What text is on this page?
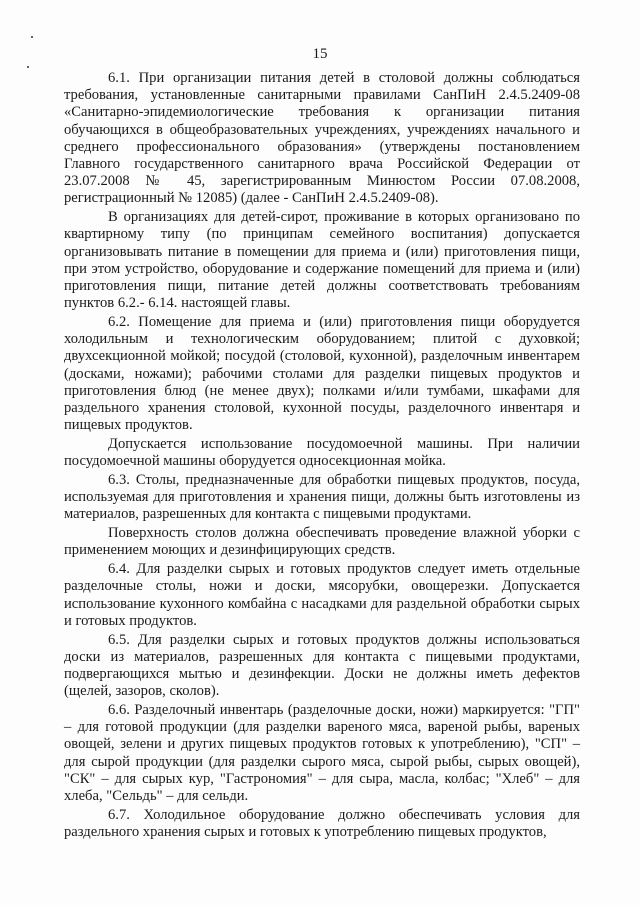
15

6.1. При организации питания детей в столовой должны соблюдаться требования, установленные санитарными правилами СанПиН 2.4.5.2409-08 «Санитарно-эпидемиологические требования к организации питания обучающихся в общеобразовательных учреждениях, учреждениях начального и среднего профессионального образования» (утверждены постановлением Главного государственного санитарного врача Российской Федерации от 23.07.2008 № 45, зарегистрированным Минюстом России 07.08.2008, регистрационный № 12085) (далее - СанПиН 2.4.5.2409-08).

В организациях для детей-сирот, проживание в которых организовано по квартирному типу (по принципам семейного воспитания) допускается организовывать питание в помещении для приема и (или) приготовления пищи, при этом устройство, оборудование и содержание помещений для приема и (или) приготовления пищи, питание детей должны соответствовать требованиям пунктов 6.2.- 6.14. настоящей главы.

6.2. Помещение для приема и (или) приготовления пищи оборудуется холодильным и технологическим оборудованием; плитой с духовкой; двухсекционной мойкой; посудой (столовой, кухонной), разделочным инвентарем (досками, ножами); рабочими столами для разделки пищевых продуктов и приготовления блюд (не менее двух); полками и/или тумбами, шкафами для раздельного хранения столовой, кухонной посуды, разделочного инвентаря и пищевых продуктов.

Допускается использование посудомоечной машины. При наличии посудомоечной машины оборудуется односекционная мойка.

6.3. Столы, предназначенные для обработки пищевых продуктов, посуда, используемая для приготовления и хранения пищи, должны быть изготовлены из материалов, разрешенных для контакта с пищевыми продуктами.

Поверхность столов должна обеспечивать проведение влажной уборки с применением моющих и дезинфицирующих средств.

6.4. Для разделки сырых и готовых продуктов следует иметь отдельные разделочные столы, ножи и доски, мясорубки, овощерезки. Допускается использование кухонного комбайна с насадками для раздельной обработки сырых и готовых продуктов.

6.5. Для разделки сырых и готовых продуктов должны использоваться доски из материалов, разрешенных для контакта с пищевыми продуктами, подвергающихся мытью и дезинфекции. Доски не должны иметь дефектов (щелей, зазоров, сколов).

6.6. Разделочный инвентарь (разделочные доски, ножи) маркируется: "ГП" – для готовой продукции (для разделки вареного мяса, вареной рыбы, вареных овощей, зелени и других пищевых продуктов готовых к употреблению), "СП" – для сырой продукции (для разделки сырого мяса, сырой рыбы, сырых овощей), "СК" – для сырых кур, "Гастрономия" – для сыра, масла, колбас; "Хлеб" – для хлеба, "Сельдь" – для сельди.

6.7. Холодильное оборудование должно обеспечивать условия для раздельного хранения сырых и готовых к употреблению пищевых продуктов,
